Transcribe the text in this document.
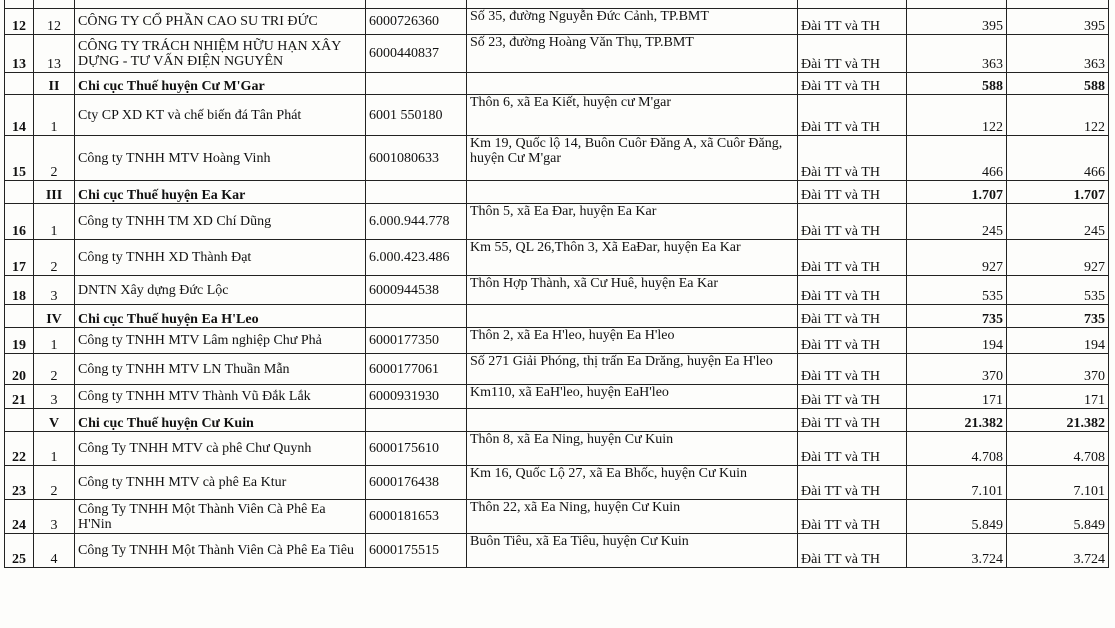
12	12	CÔNG TY CỔ PHẦN CAO SU TRI ĐỨC	6000726360	Số 35, đường Nguyễn Đức Cảnh, TP.BMT	Đài TT và TH	395	395
13	13	CÔNG TY TRÁCH NHIỆM HỮU HẠN XÂY DỰNG - TƯ VẤN ĐIỆN NGUYÊN	6000440837	Số 23, đường Hoàng Văn Thụ, TP.BMT	Đài TT và TH	363	363
	II	Chi cục Thuế huyện Cư M'Gar			Đài TT và TH	588	588
14	1	Cty CP XD KT và chế biến đá Tân Phát	6001 550180	Thôn 6, xã Ea Kiết, huyện cư M'gar	Đài TT và TH	122	122
15	2	Công ty TNHH MTV Hoàng Vinh	6001080633	Km 19, Quốc lộ 14, Buôn Cuôr Đăng A, xã Cuôr Đăng, huyện Cư M'gar	Đài TT và TH	466	466
	III	Chi cục Thuế huyện Ea Kar			Đài TT và TH	1.707	1.707
16	1	Công ty TNHH TM XD Chí Dũng	6.000.944.778	Thôn 5, xã Ea Đar, huyện Ea Kar	Đài TT và TH	245	245
17	2	Công ty TNHH XD Thành Đạt	6.000.423.486	Km 55, QL 26,Thôn 3, Xã EaĐar, huyện Ea Kar	Đài TT và TH	927	927
18	3	DNTN Xây dựng Đức Lộc	6000944538	Thôn Hợp Thành, xã Cư Huê, huyện Ea Kar	Đài TT và TH	535	535
	IV	Chi cục Thuế huyện Ea H'Leo			Đài TT và TH	735	735
19	1	Công ty TNHH MTV Lâm nghiệp Chư Phả	6000177350	Thôn 2, xã Ea H'leo, huyện Ea H'leo	Đài TT và TH	194	194
20	2	Công ty TNHH MTV LN Thuần Mẫn	6000177061	Số 271 Giải Phóng, thị trấn Ea Drăng, huyện Ea H'leo	Đài TT và TH	370	370
21	3	Công ty TNHH MTV Thành Vũ Đắk Lắk	6000931930	Km110, xã EaH'leo, huyện EaH'leo	Đài TT và TH	171	171
	V	Chi cục Thuế huyện Cư Kuin			Đài TT và TH	21.382	21.382
22	1	Công Ty TNHH MTV cà phê Chư Quynh	6000175610	Thôn 8, xã Ea Ning, huyện Cư Kuin	Đài TT và TH	4.708	4.708
23	2	Công ty TNHH MTV cà phê Ea Ktur	6000176438	Km 16, Quốc Lộ 27, xã Ea Bhốc, huyện Cư Kuin	Đài TT và TH	7.101	7.101
24	3	Công Ty TNHH Một Thành Viên Cà Phê Ea H'Nin	6000181653	Thôn 22, xã Ea Ning, huyện Cư Kuin	Đài TT và TH	5.849	5.849
25	4	Công Ty TNHH Một Thành Viên Cà Phê Ea Tiêu	6000175515	Buôn Tiêu, xã Ea Tiêu, huyện Cư Kuin	Đài TT và TH	3.724	3.724
